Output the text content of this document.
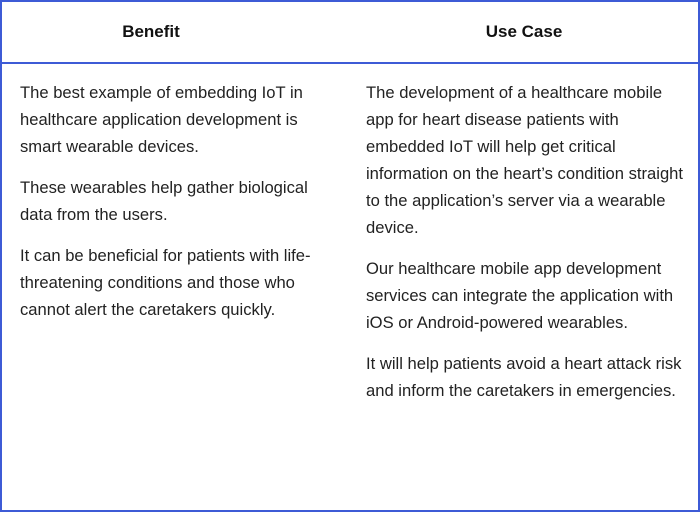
Benefit	Use Case

The best example of embedding IoT in healthcare application development is smart wearable devices.

These wearables help gather biological data from the users.

It can be beneficial for patients with life-threatening conditions and those who cannot alert the caretakers quickly.

The development of a healthcare mobile app for heart disease patients with embedded IoT will help get critical information on the heart’s condition straight to the application’s server via a wearable device.

Our healthcare mobile app development services can integrate the application with iOS or Android-powered wearables.

It will help patients avoid a heart attack risk and inform the caretakers in emergencies.
